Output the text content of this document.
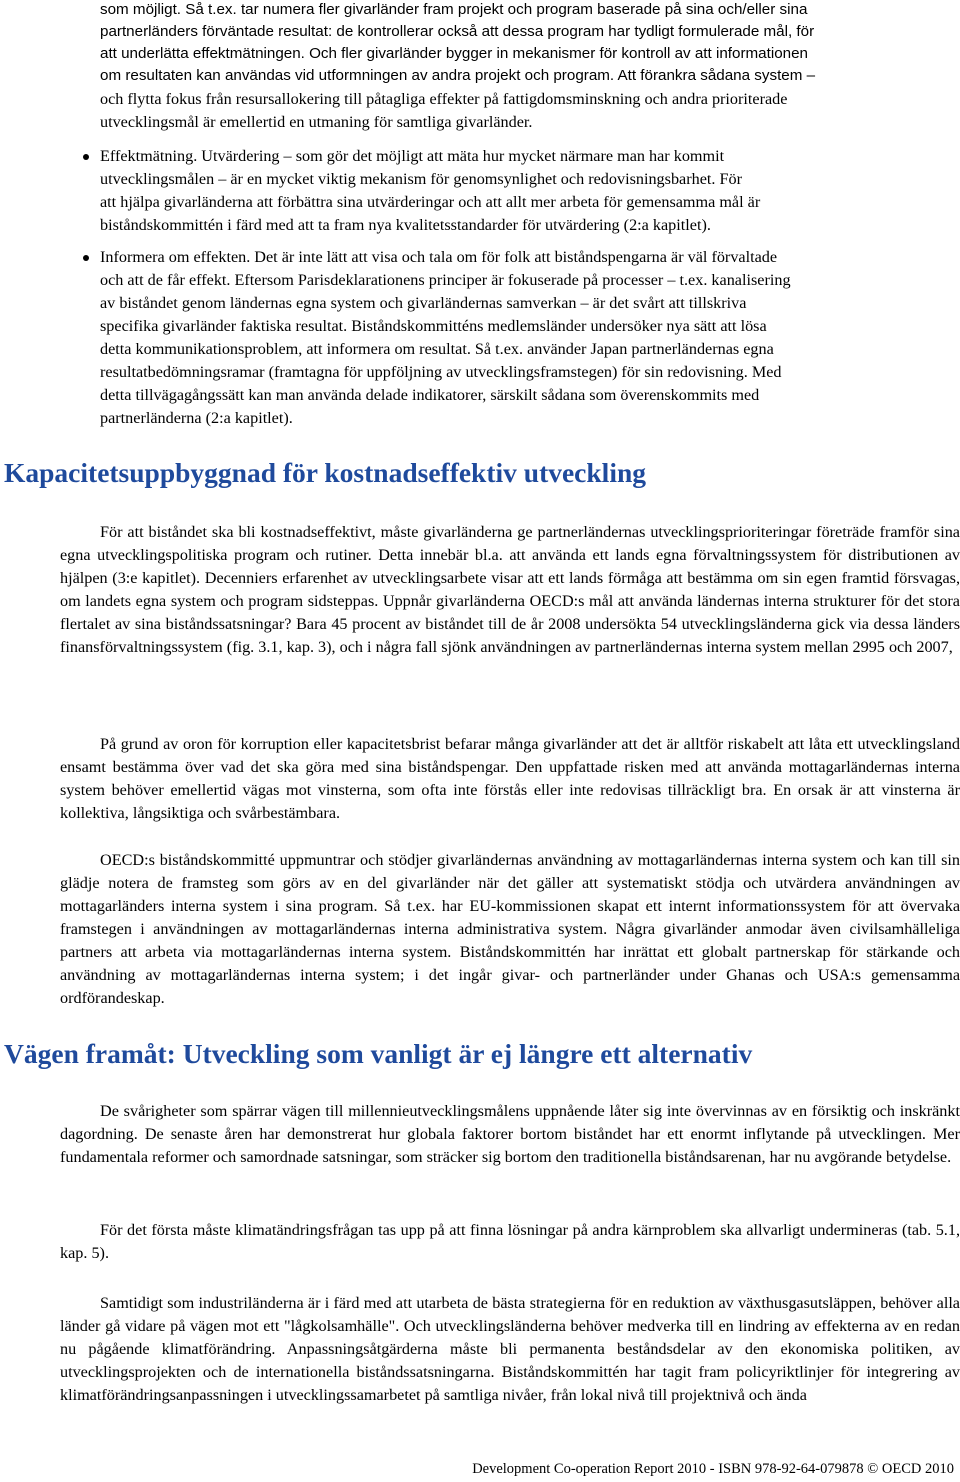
som möjligt. Så t.ex. tar numera fler givarländer fram projekt och program baserade på sina och/eller sina
partnerländers förväntade resultat: de kontrollerar också att dessa program har tydligt formulerade mål, för
att underlätta effektmätningen. Och fler givarländer bygger in mekanismer för kontroll av att informationen
om resultaten kan användas vid utformningen av andra projekt och program. Att förankra sådana system –
och flytta fokus från resursallokering till påtagliga effekter på fattigdomsminskning och andra prioriterade
utvecklingsmål är emellertid en utmaning för samtliga givarländer.
Effektmätning. Utvärdering – som gör det möjligt att mäta hur mycket närmare man har kommit
utvecklingsmålen – är en mycket viktig mekanism för genomsynlighet och redovisningsbarhet. För
att hjälpa givarländerna att förbättra sina utvärderingar och att allt mer arbeta för gemensamma mål är
biståndskommittén i färd med att ta fram nya kvalitetsstandarder för utvärdering (2:a kapitlet).
Informera om effekten. Det är inte lätt att visa och tala om för folk att biståndspengarna är väl förvaltade
och att de får effekt. Eftersom Parisdeklarationens principer är fokuserade på processer – t.ex. kanalisering
av biståndet genom ländernas egna system och givarländernas samverkan – är det svårt att tillskriva
specifika givarländer faktiska resultat. Biståndskommitténs medlemsländer undersöker nya sätt att lösa
detta kommunikationsproblem, att informera om resultat. Så t.ex. använder Japan partnerländernas egna
resultatbedömningsramar (framtagna för uppföljning av utvecklingsframstegen) för sin redovisning. Med
detta tillvägagångssätt kan man använda delade indikatorer, särskilt sådana som överenskommits med
partnerländerna (2:a kapitlet).
Kapacitetsuppbyggnad för kostnadseffektiv utveckling

För att biståndet ska bli kostnadseffektivt, måste givarländerna ge partnerländernas utvecklingsprioriteringar företräde framför sina egna utvecklingspolitiska program och rutiner. Detta innebär bl.a. att använda ett lands egna förvaltningssystem för distributionen av hjälpen (3:e kapitlet). Decenniers erfarenhet av utvecklingsarbete visar att ett lands förmåga att bestämma om sin egen framtid försvagas, om landets egna system och program sidsteppas. Uppnår givarländerna OECD:s mål att använda ländernas interna strukturer för det stora flertalet av sina biståndssatsningar? Bara 45 procent av biståndet till de år 2008 undersökta 54 utvecklingsländerna gick via dessa länders finansförvaltningssystem (fig. 3.1, kap. 3), och i några fall sjönk användningen av partnerländernas interna system mellan 2995 och 2007,

På grund av oron för korruption eller kapacitetsbrist befarar många givarländer att det är alltför riskabelt att låta ett utvecklingsland ensamt bestämma över vad det ska göra med sina biståndspengar. Den uppfattade risken med att använda mottagarländernas interna system behöver emellertid vägas mot vinsterna, som ofta inte förstås eller inte redovisas tillräckligt bra. En orsak är att vinsterna är kollektiva, långsiktiga och svårbestämbara.

OECD:s biståndskommitté uppmuntrar och stödjer givarländernas användning av mottagarländernas interna system och kan till sin glädje notera de framsteg som görs av en del givarländer när det gäller att systematiskt stödja och utvärdera användningen av mottagarländers interna system i sina program. Så t.ex. har EU-kommissionen skapat ett internt informationssystem för att övervaka framstegen i användningen av mottagarländernas interna administrativa system. Några givarländer anmodar även civilsamhälleliga partners att arbeta via mottagarländernas interna system. Biståndskommittén har inrättat ett globalt partnerskap för stärkande och användning av mottagarländernas interna system; i det ingår givar- och partnerländer under Ghanas och USA:s gemensamma ordförandeskap.

Vägen framåt: Utveckling som vanligt är ej längre ett alternativ

De svårigheter som spärrar vägen till millennieutvecklingsmålens uppnående låter sig inte övervinnas av en försiktig och inskränkt dagordning. De senaste åren har demonstrerat hur globala faktorer bortom biståndet har ett enormt inflytande på utvecklingen. Mer fundamentala reformer och samordnade satsningar, som sträcker sig bortom den traditionella biståndsarenan, har nu avgörande betydelse.

För det första måste klimatändringsfrågan tas upp på att finna lösningar på andra kärnproblem ska allvarligt undermineras (tab. 5.1, kap. 5).

Samtidigt som industriländerna är i färd med att utarbeta de bästa strategierna för en reduktion av växthusgasutsläppen, behöver alla länder gå vidare på vägen mot ett "lågkolsamhälle". Och utvecklingsländerna behöver medverka till en lindring av effekterna av en redan nu pågående klimatförändring. Anpassningsåtgärderna måste bli permanenta beståndsdelar av den ekonomiska politiken, av utvecklingsprojekten och de internationella biståndssatsningarna. Biståndskommittén har tagit fram policyriktlinjer för integrering av klimatförändringsanpassningen i utvecklingssamarbetet på samtliga nivåer, från lokal nivå till projektnivå och ända

Development Co-operation Report 2010 - ISBN 978-92-64-079878 © OECD 2010
